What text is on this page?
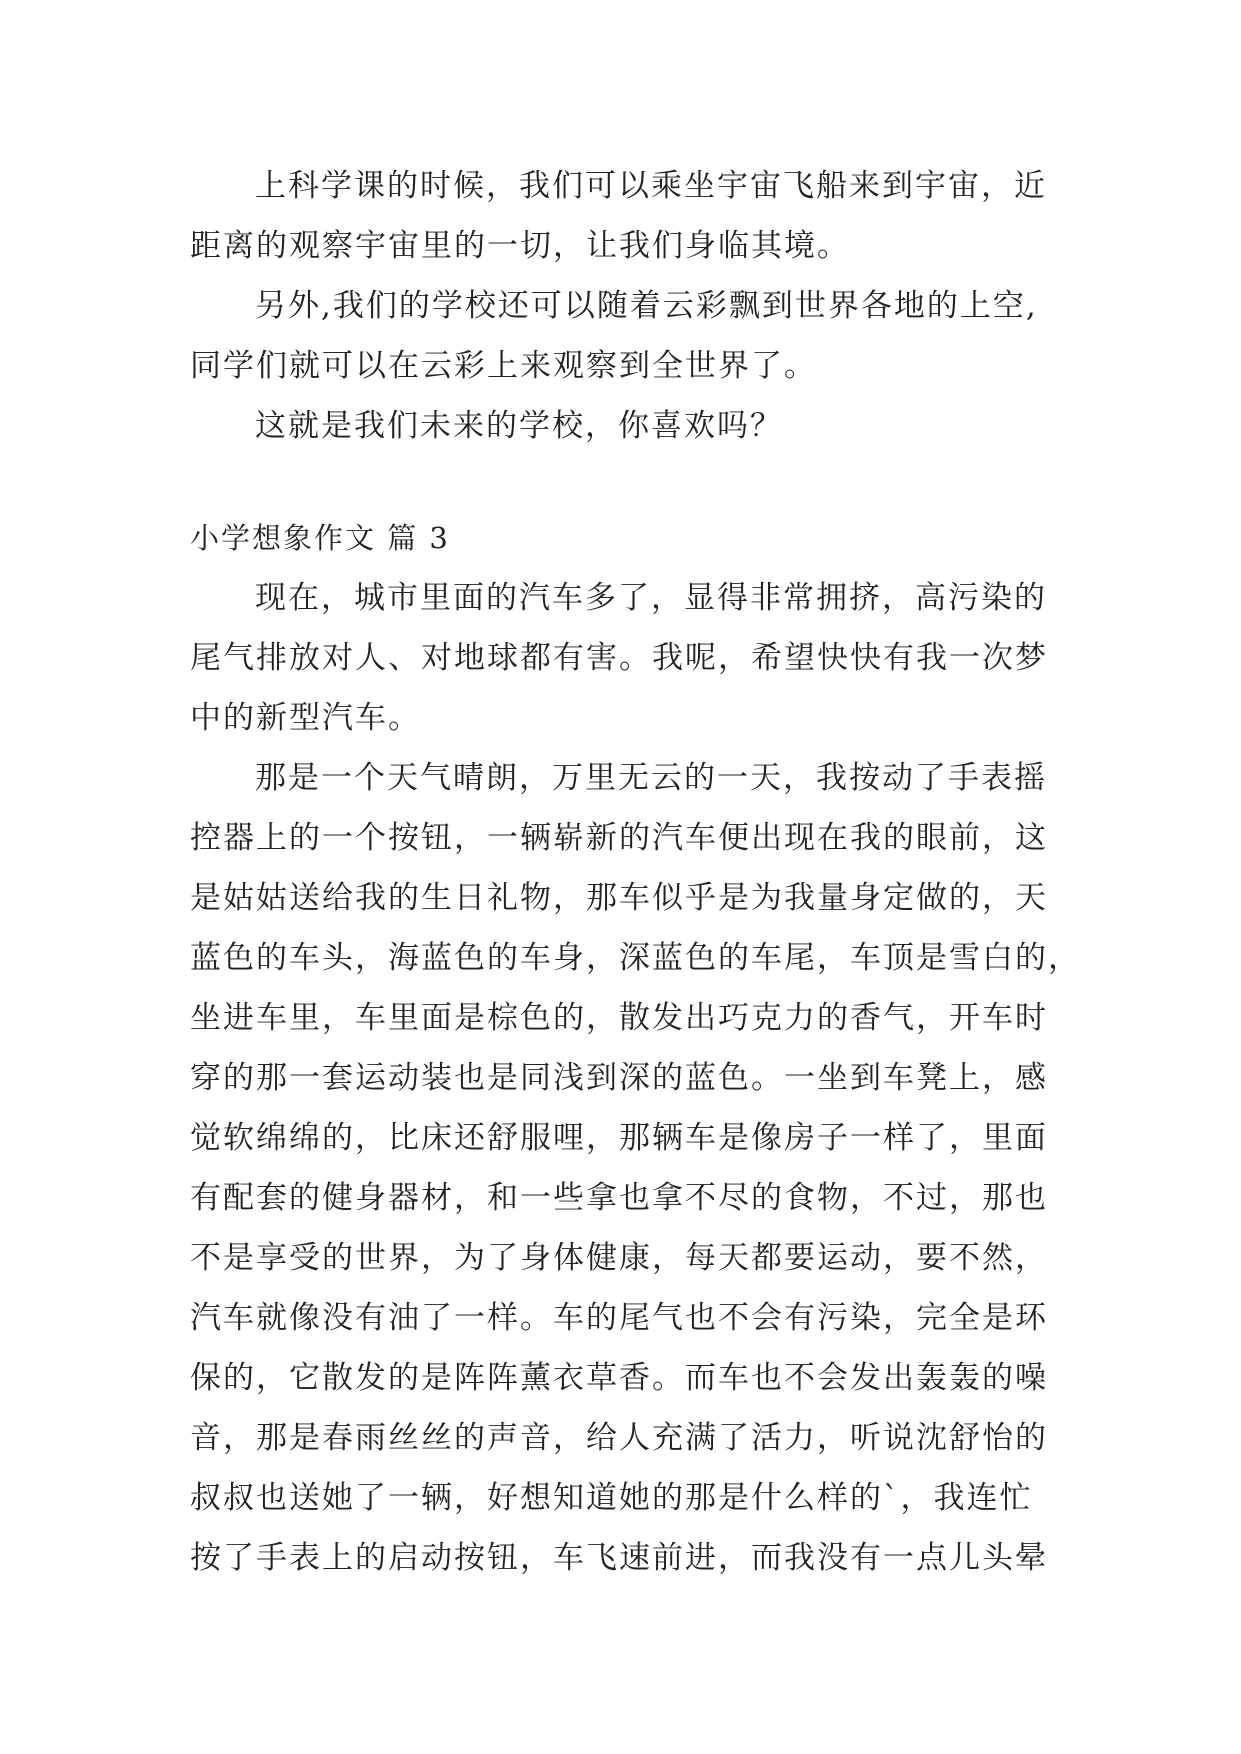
上科学课的时候，我们可以乘坐宇宙飞船来到宇宙，近
距离的观察宇宙里的一切，让我们身临其境。
另外,我们的学校还可以随着云彩飘到世界各地的上空,
同学们就可以在云彩上来观察到全世界了。
这就是我们未来的学校，你喜欢吗？
小学想象作文 篇 3
现在，城市里面的汽车多了，显得非常拥挤，高污染的
尾气排放对人、对地球都有害。我呢，希望快快有我一次梦
中的新型汽车。
那是一个天气晴朗，万里无云的一天，我按动了手表摇
控器上的一个按钮，一辆崭新的汽车便出现在我的眼前，这
是姑姑送给我的生日礼物，那车似乎是为我量身定做的，天
蓝色的车头，海蓝色的车身，深蓝色的车尾，车顶是雪白的，
坐进车里，车里面是棕色的，散发出巧克力的香气，开车时
穿的那一套运动装也是同浅到深的蓝色。一坐到车凳上，感
觉软绵绵的，比床还舒服哩，那辆车是像房子一样了，里面
有配套的健身器材，和一些拿也拿不尽的食物，不过，那也
不是享受的世界，为了身体健康，每天都要运动，要不然，
汽车就像没有油了一样。车的尾气也不会有污染，完全是环
保的，它散发的是阵阵薰衣草香。而车也不会发出轰轰的噪
音，那是春雨丝丝的声音，给人充满了活力，听说沈舒怡的
叔叔也送她了一辆，好想知道她的那是什么样的`，我连忙
按了手表上的启动按钮，车飞速前进，而我没有一点儿头晕
